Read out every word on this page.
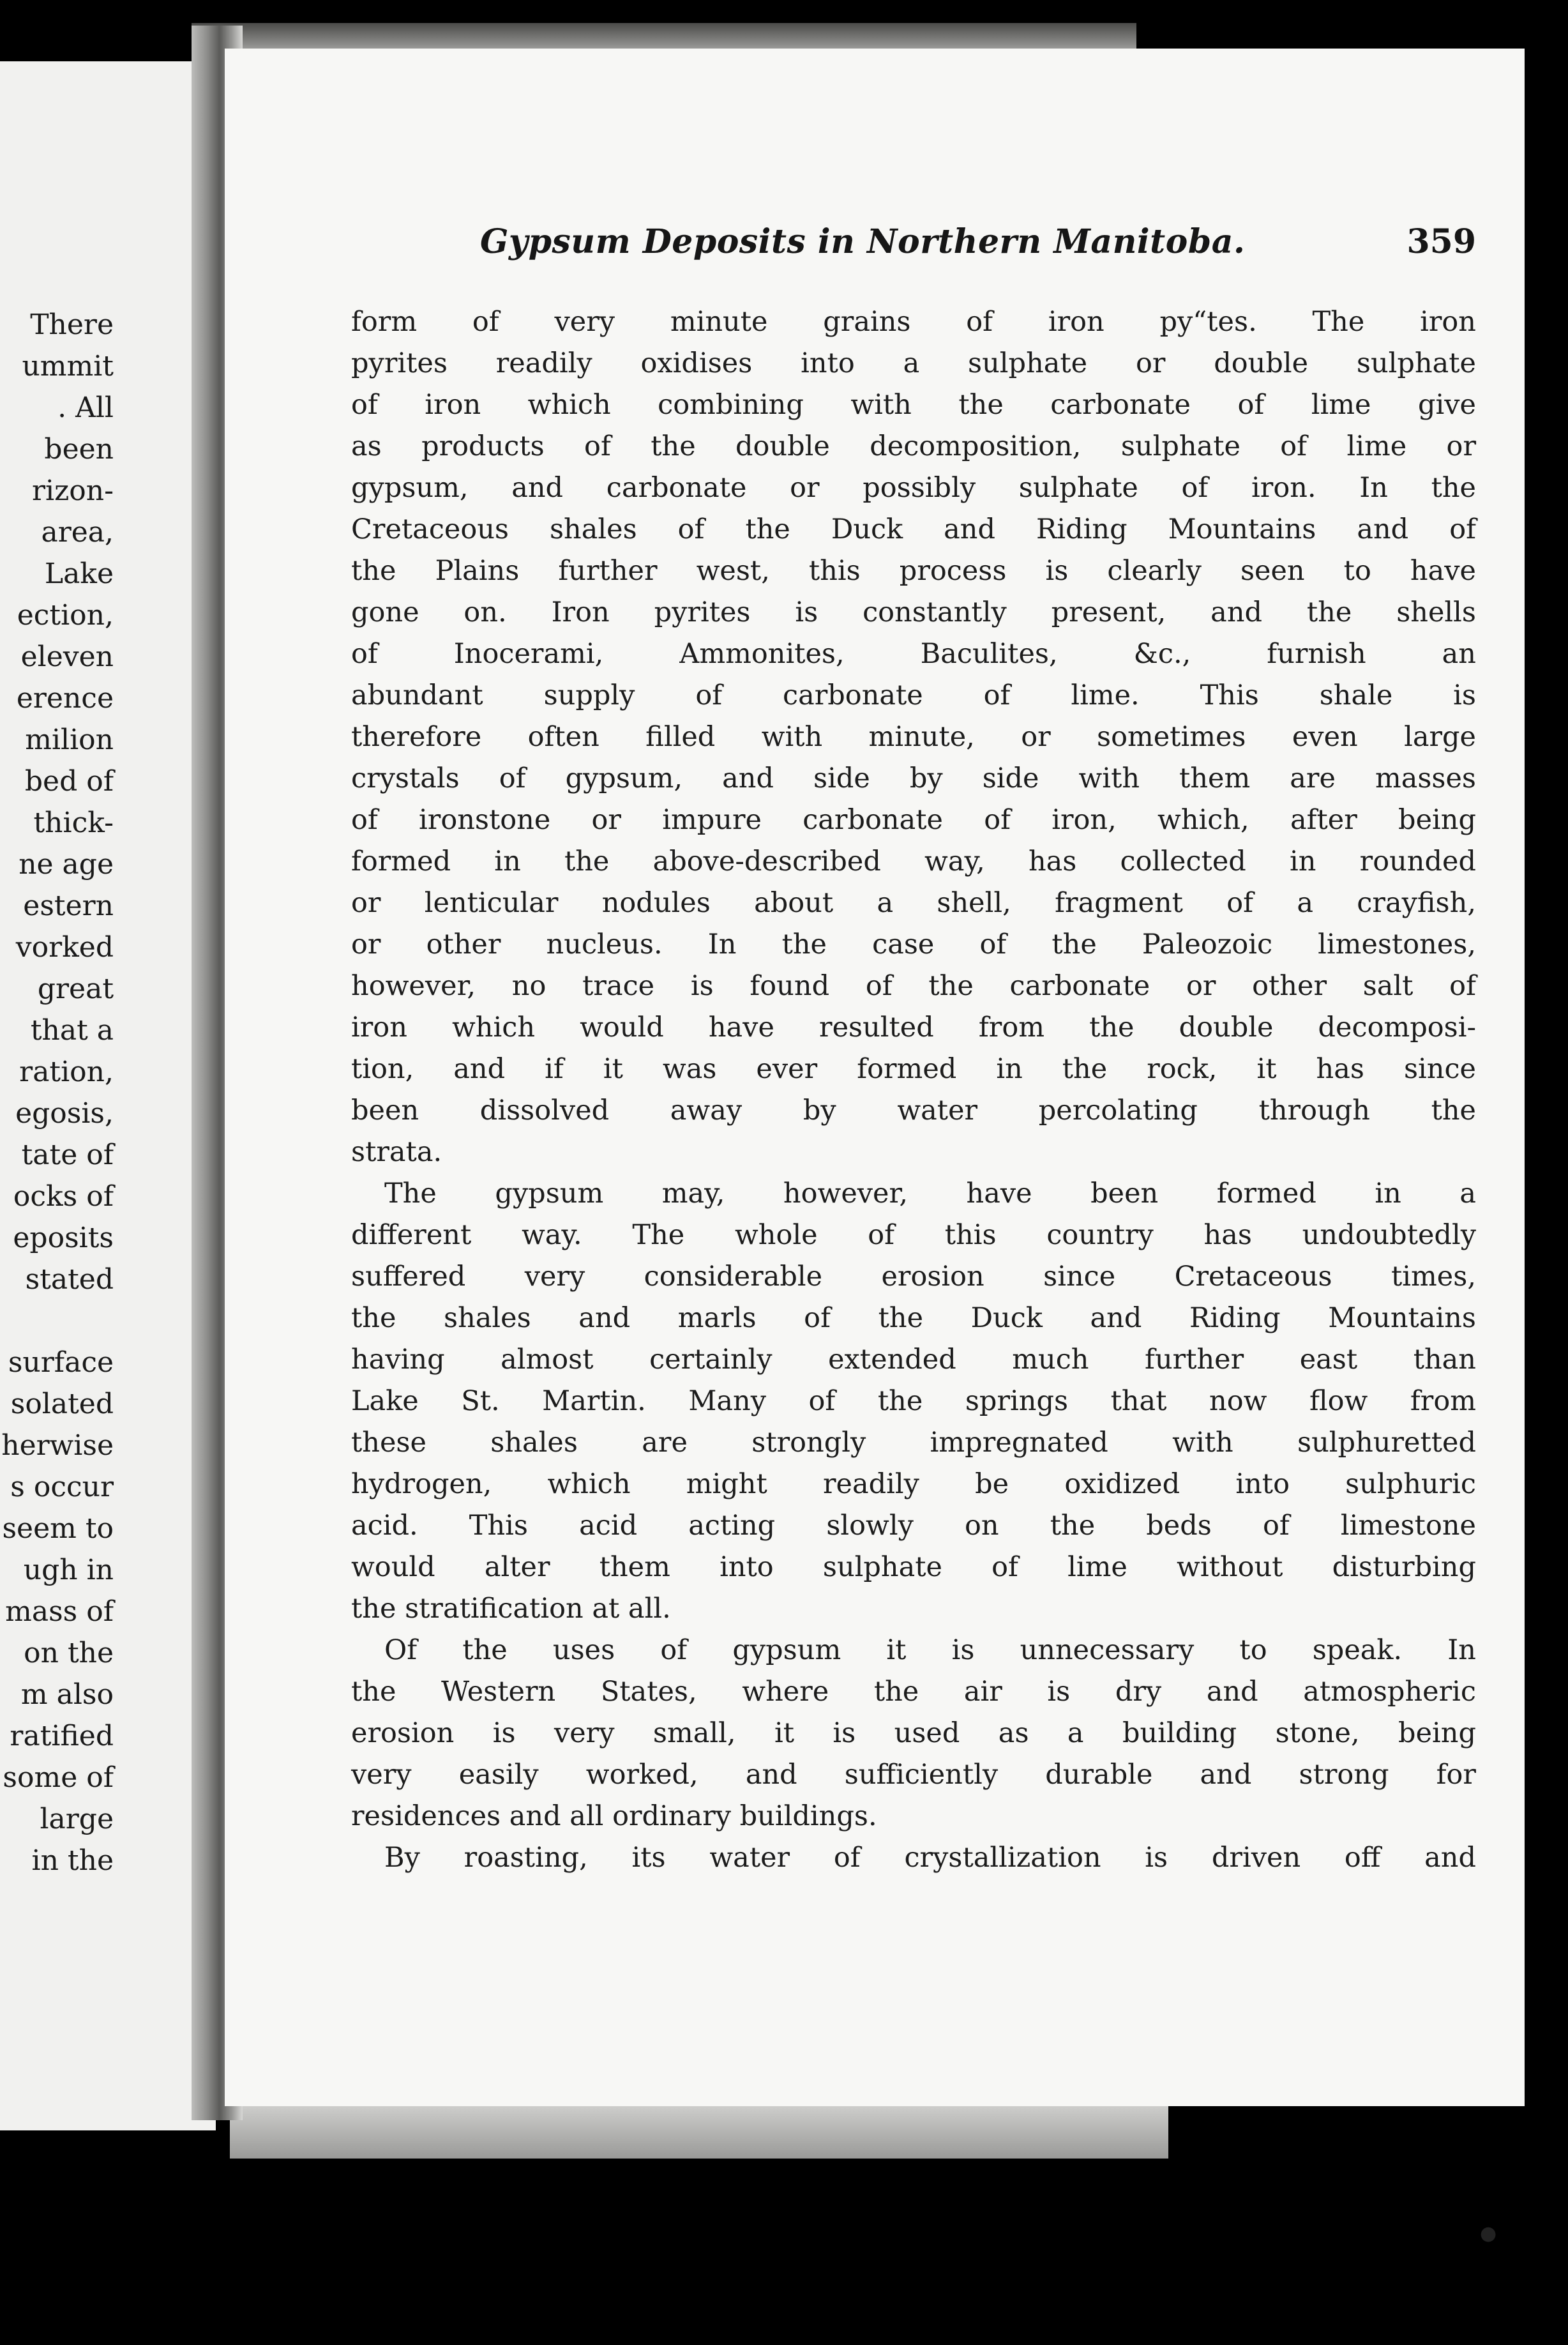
There
ummit
. All
been
rizon-
area,
Lake
ection,
eleven
erence
milion
bed of
thick-
ne age
estern
vorked
great
that a
ration,
egosis,
tate of
ocks of
eposits
stated
surface
solated
herwise
s occur
seem to
ugh in
mass of
on the
m also
ratified
some of
large
in the
Gypsum Deposits in Northern Manitoba.	359
form of very minute grains of iron py“tes. The iron
pyrites readily oxidises into a sulphate or double sulphate
of iron which combining with the carbonate of lime give
as products of the double decomposition, sulphate of lime or
gypsum, and carbonate or possibly sulphate of iron. In the
Cretaceous shales of the Duck and Riding Mountains and of
the Plains further west, this process is clearly seen to have
gone on. Iron pyrites is constantly present, and the shells
of Inocerami, Ammonites, Baculites, &c., furnish an
abundant supply of carbonate of lime. This shale is
therefore often filled with minute, or sometimes even large
crystals of gypsum, and side by side with them are masses
of ironstone or impure carbonate of iron, which, after being
formed in the above-described way, has collected in rounded
or lenticular nodules about a shell, fragment of a crayfish,
or other nucleus. In the case of the Paleozoic limestones,
however, no trace is found of the carbonate or other salt of
iron which would have resulted from the double decomposi-
tion, and if it was ever formed in the rock, it has since
been dissolved away by water percolating through the
strata.
The gypsum may, however, have been formed in a
different way. The whole of this country has undoubtedly
suffered very considerable erosion since Cretaceous times,
the shales and marls of the Duck and Riding Mountains
having almost certainly extended much further east than
Lake St. Martin. Many of the springs that now flow from
these shales are strongly impregnated with sulphuretted
hydrogen, which might readily be oxidized into sulphuric
acid. This acid acting slowly on the beds of limestone
would alter them into sulphate of lime without disturbing
the stratification at all.
Of the uses of gypsum it is unnecessary to speak. In
the Western States, where the air is dry and atmospheric
erosion is very small, it is used as a building stone, being
very easily worked, and sufficiently durable and strong for
residences and all ordinary buildings.
By roasting, its water of crystallization is driven off and
●
